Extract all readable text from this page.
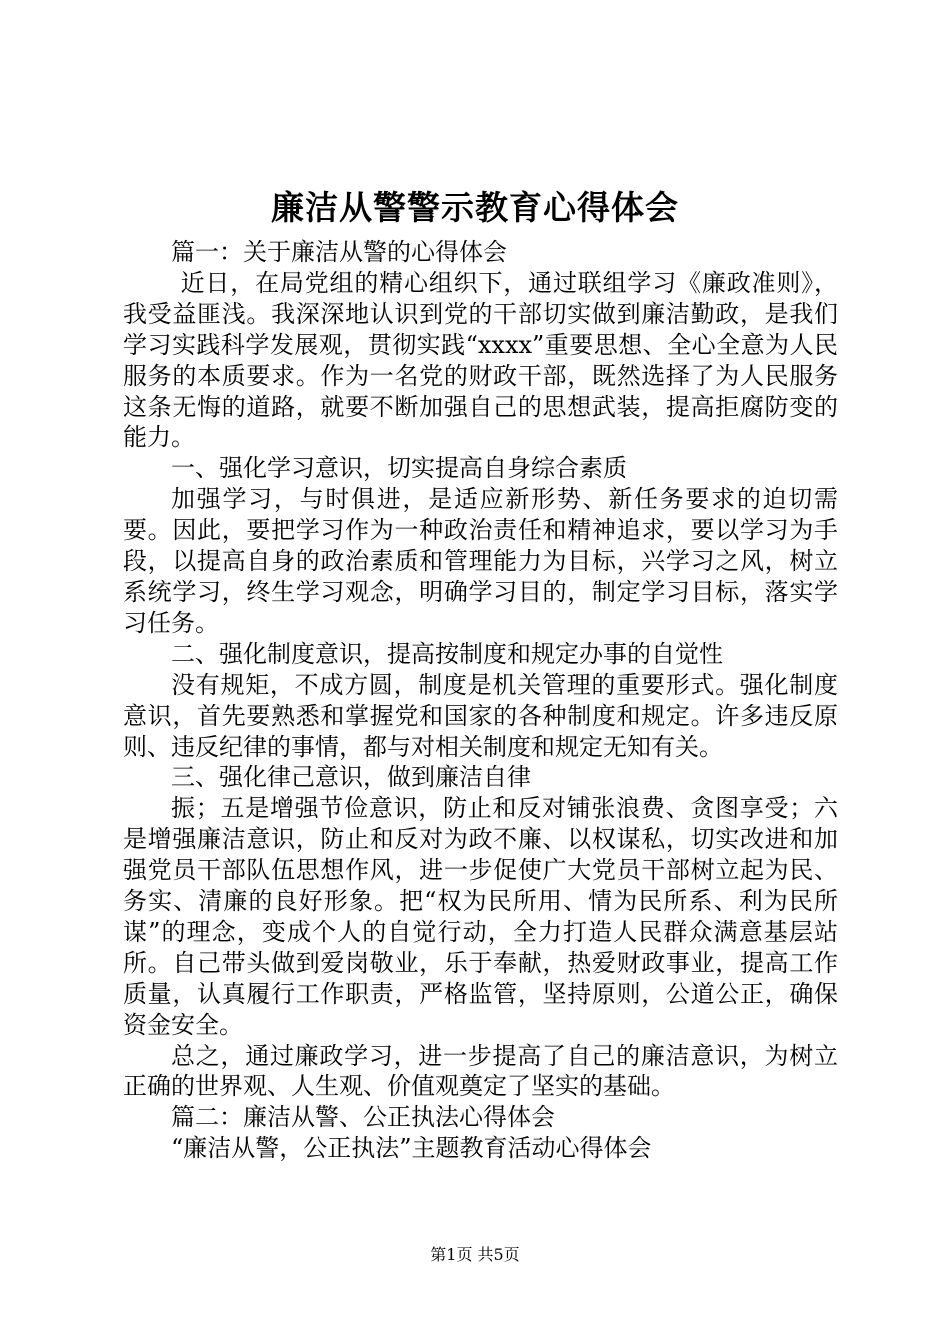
廉洁从警警示教育心得体会

篇一：关于廉洁从警的心得体会

近日，在局党组的精心组织下，通过联组学习《廉政准则》，我受益匪浅。我深深地认识到党的干部切实做到廉洁勤政，是我们学习实践科学发展观，贯彻实践“xxxx”重要思想、全心全意为人民服务的本质要求。作为一名党的财政干部，既然选择了为人民服务这条无悔的道路，就要不断加强自己的思想武装，提高拒腐防变的能力。

一、强化学习意识，切实提高自身综合素质

加强学习，与时俱进，是适应新形势、新任务要求的迫切需要。因此，要把学习作为一种政治责任和精神追求，要以学习为手段，以提高自身的政治素质和管理能力为目标，兴学习之风，树立系统学习，终生学习观念，明确学习目的，制定学习目标，落实学习任务。

二、强化制度意识，提高按制度和规定办事的自觉性

没有规矩，不成方圆，制度是机关管理的重要形式。强化制度意识，首先要熟悉和掌握党和国家的各种制度和规定。许多违反原则、违反纪律的事情，都与对相关制度和规定无知有关。

三、强化律己意识，做到廉洁自律

振；五是增强节俭意识，防止和反对铺张浪费、贪图享受；六是增强廉洁意识，防止和反对为政不廉、以权谋私，切实改进和加强党员干部队伍思想作风，进一步促使广大党员干部树立起为民、务实、清廉的良好形象。把“权为民所用、情为民所系、利为民所谋”的理念，变成个人的自觉行动，全力打造人民群众满意基层站所。自己带头做到爱岗敬业，乐于奉献，热爱财政事业，提高工作质量，认真履行工作职责，严格监管，坚持原则，公道公正，确保资金安全。

总之，通过廉政学习，进一步提高了自己的廉洁意识，为树立正确的世界观、人生观、价值观奠定了坚实的基础。

篇二：廉洁从警、公正执法心得体会

“廉洁从警，公正执法”主题教育活动心得体会

第1页 共5页
